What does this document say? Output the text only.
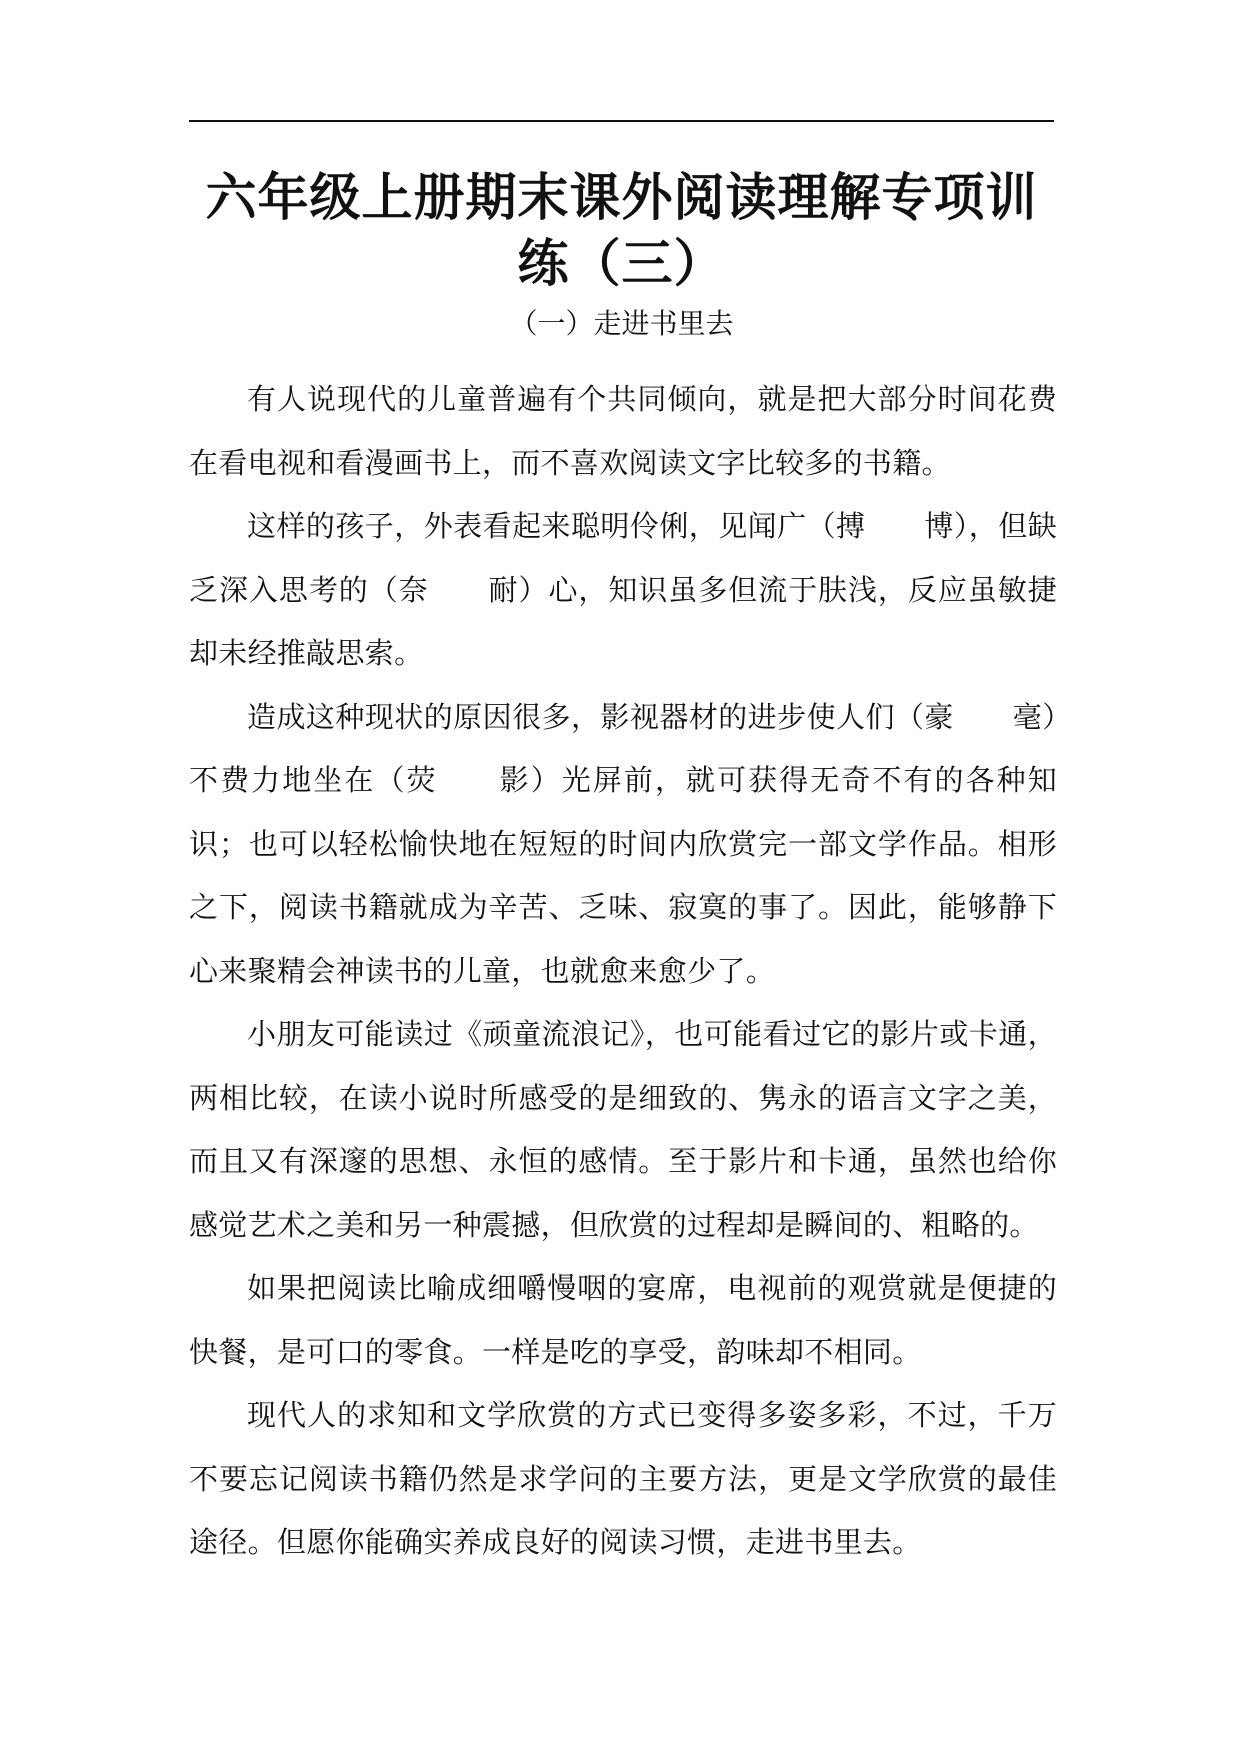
六年级上册期末课外阅读理解专项训
练（三）

（一）走进书里去

有人说现代的儿童普遍有个共同倾向，就是把大部分时间花费在看电视和看漫画书上，而不喜欢阅读文字比较多的书籍。

这样的孩子，外表看起来聪明伶俐，见闻广（搏　　博），但缺乏深入思考的（奈　　耐）心，知识虽多但流于肤浅，反应虽敏捷却未经推敲思索。

造成这种现状的原因很多，影视器材的进步使人们（豪　　毫）不费力地坐在（荧　　影）光屏前，就可获得无奇不有的各种知识；也可以轻松愉快地在短短的时间内欣赏完一部文学作品。相形之下，阅读书籍就成为辛苦、乏味、寂寞的事了。因此，能够静下心来聚精会神读书的儿童，也就愈来愈少了。

小朋友可能读过《顽童流浪记》，也可能看过它的影片或卡通，两相比较，在读小说时所感受的是细致的、隽永的语言文字之美，而且又有深邃的思想、永恒的感情。至于影片和卡通，虽然也给你感觉艺术之美和另一种震撼，但欣赏的过程却是瞬间的、粗略的。

如果把阅读比喻成细嚼慢咽的宴席，电视前的观赏就是便捷的快餐，是可口的零食。一样是吃的享受，韵味却不相同。

现代人的求知和文学欣赏的方式已变得多姿多彩，不过，千万不要忘记阅读书籍仍然是求学问的主要方法，更是文学欣赏的最佳途径。但愿你能确实养成良好的阅读习惯，走进书里去。
